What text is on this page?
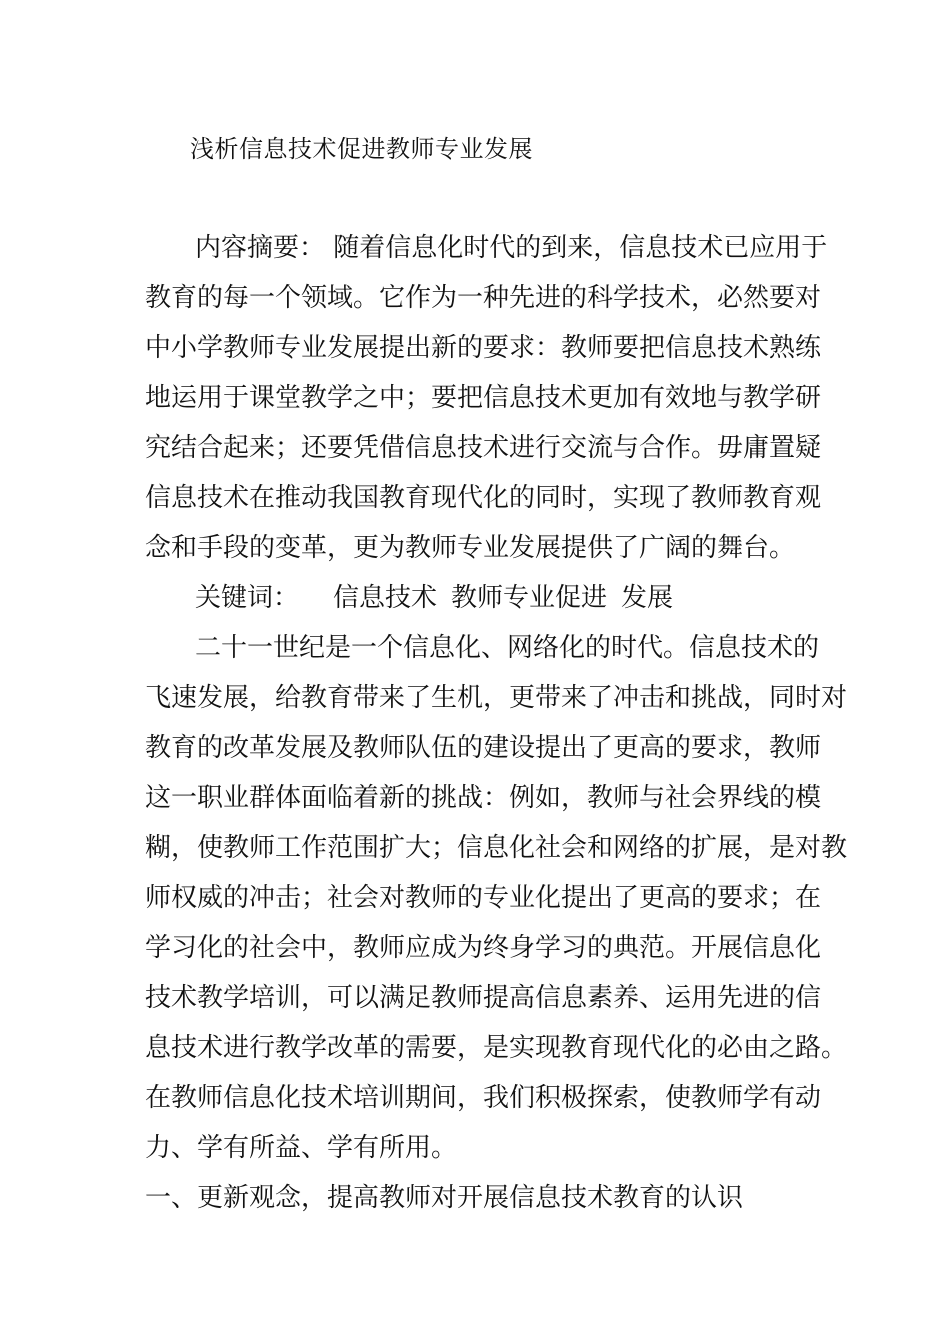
浅析信息技术促进教师专业发展
内容摘要： 随着信息化时代的到来，信息技术已应用于
教育的每一个领域。它作为一种先进的科学技术，必然要对
中小学教师专业发展提出新的要求：教师要把信息技术熟练
地运用于课堂教学之中；要把信息技术更加有效地与教学研
究结合起来；还要凭借信息技术进行交流与合作。毋庸置疑
信息技术在推动我国教育现代化的同时，实现了教师教育观
念和手段的变革，更为教师专业发展提供了广阔的舞台。
关键词： 信息技术 教师专业促进 发展
二十一世纪是一个信息化、网络化的时代。信息技术的
飞速发展，给教育带来了生机，更带来了冲击和挑战，同时对
教育的改革发展及教师队伍的建设提出了更高的要求，教师
这一职业群体面临着新的挑战：例如，教师与社会界线的模
糊，使教师工作范围扩大；信息化社会和网络的扩展，是对教
师权威的冲击；社会对教师的专业化提出了更高的要求；在
学习化的社会中，教师应成为终身学习的典范。开展信息化
技术教学培训，可以满足教师提高信息素养、运用先进的信
息技术进行教学改革的需要，是实现教育现代化的必由之路。
在教师信息化技术培训期间，我们积极探索，使教师学有动
力、学有所益、学有所用。
一、更新观念，提高教师对开展信息技术教育的认识
